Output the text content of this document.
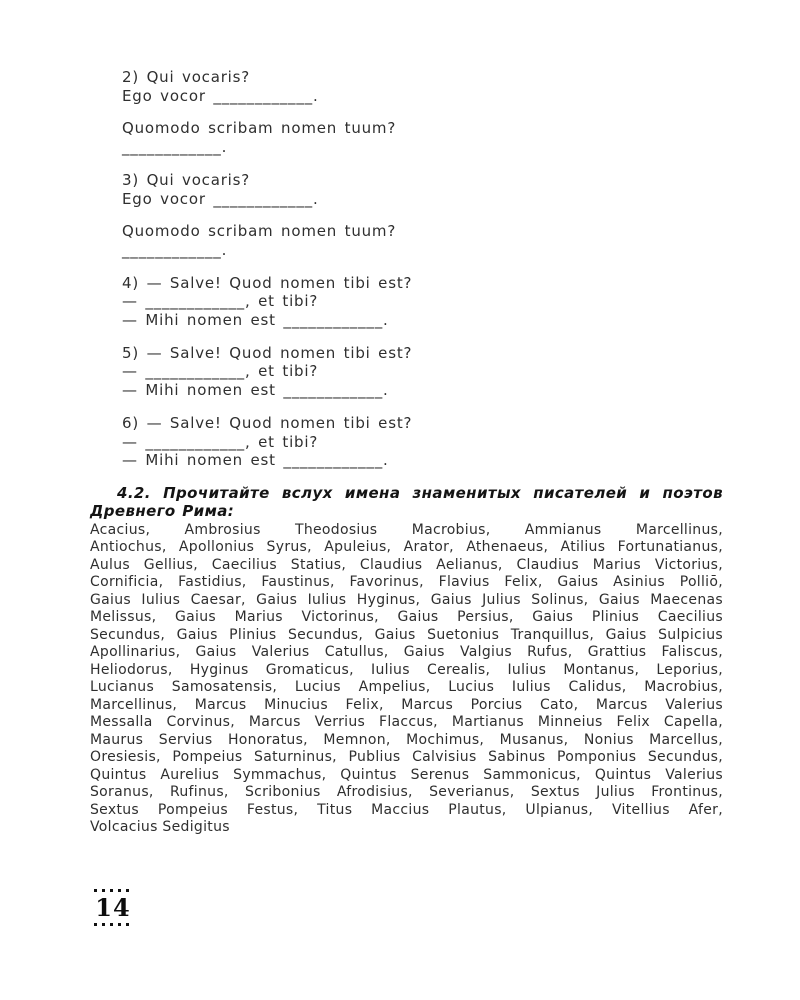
2) Qui vocaris?
Ego vocor ____________.
Quomodo scribam nomen tuum?
____________.
3) Qui vocaris?
Ego vocor ____________.
Quomodo scribam nomen tuum?
____________.
4) — Salve! Quod nomen tibi est?
— ____________, et tibi?
— Mihi nomen est ____________.
5) — Salve! Quod nomen tibi est?
— ____________, et tibi?
— Mihi nomen est ____________.
6) — Salve! Quod nomen tibi est?
— ____________, et tibi?
— Mihi nomen est ____________.
4.2. Прочитайте вслух имена знаменитых писателей и поэтов
Древнего Рима:
Acacius, Ambrosius Theodosius Macrobius, Ammianus Marcellinus,
Antiochus, Apollonius Syrus, Apuleius, Arator, Athenaeus, Atilius Fortunatianus,
Aulus Gellius, Caecilius Statius, Claudius Aelianus, Claudius Marius Victorius,
Cornificia, Fastidius, Faustinus, Favorinus, Flavius Felix, Gaius Asinius Polliō,
Gaius Iulius Caesar, Gaius Iulius Hyginus, Gaius Julius Solinus, Gaius Maecenas
Melissus, Gaius Marius Victorinus, Gaius Persius, Gaius Plinius Caecilius
Secundus, Gaius Plinius Secundus, Gaius Suetonius Tranquillus, Gaius Sulpicius
Apollinarius, Gaius Valerius Catullus, Gaius Valgius Rufus, Grattius Faliscus,
Heliodorus, Hyginus Gromaticus, Iulius Cerealis, Iulius Montanus, Leporius,
Lucianus Samosatensis, Lucius Ampelius, Lucius Iulius Calidus, Macrobius,
Marcellinus, Marcus Minucius Felix, Marcus Porcius Cato, Marcus Valerius
Messalla Corvinus, Marcus Verrius Flaccus, Martianus Minneius Felix Capella,
Maurus Servius Honoratus, Memnon, Mochimus, Musanus, Nonius Marcellus,
Oresiesis, Pompeius Saturninus, Publius Calvisius Sabinus Pomponius Secundus,
Quintus Aurelius Symmachus, Quintus Serenus Sammonicus, Quintus Valerius
Soranus, Rufinus, Scribonius Afrodisius, Severianus, Sextus Julius Frontinus,
Sextus Pompeius Festus, Titus Maccius Plautus, Ulpianus, Vitellius Afer,
Volcacius Sedigitus
14
